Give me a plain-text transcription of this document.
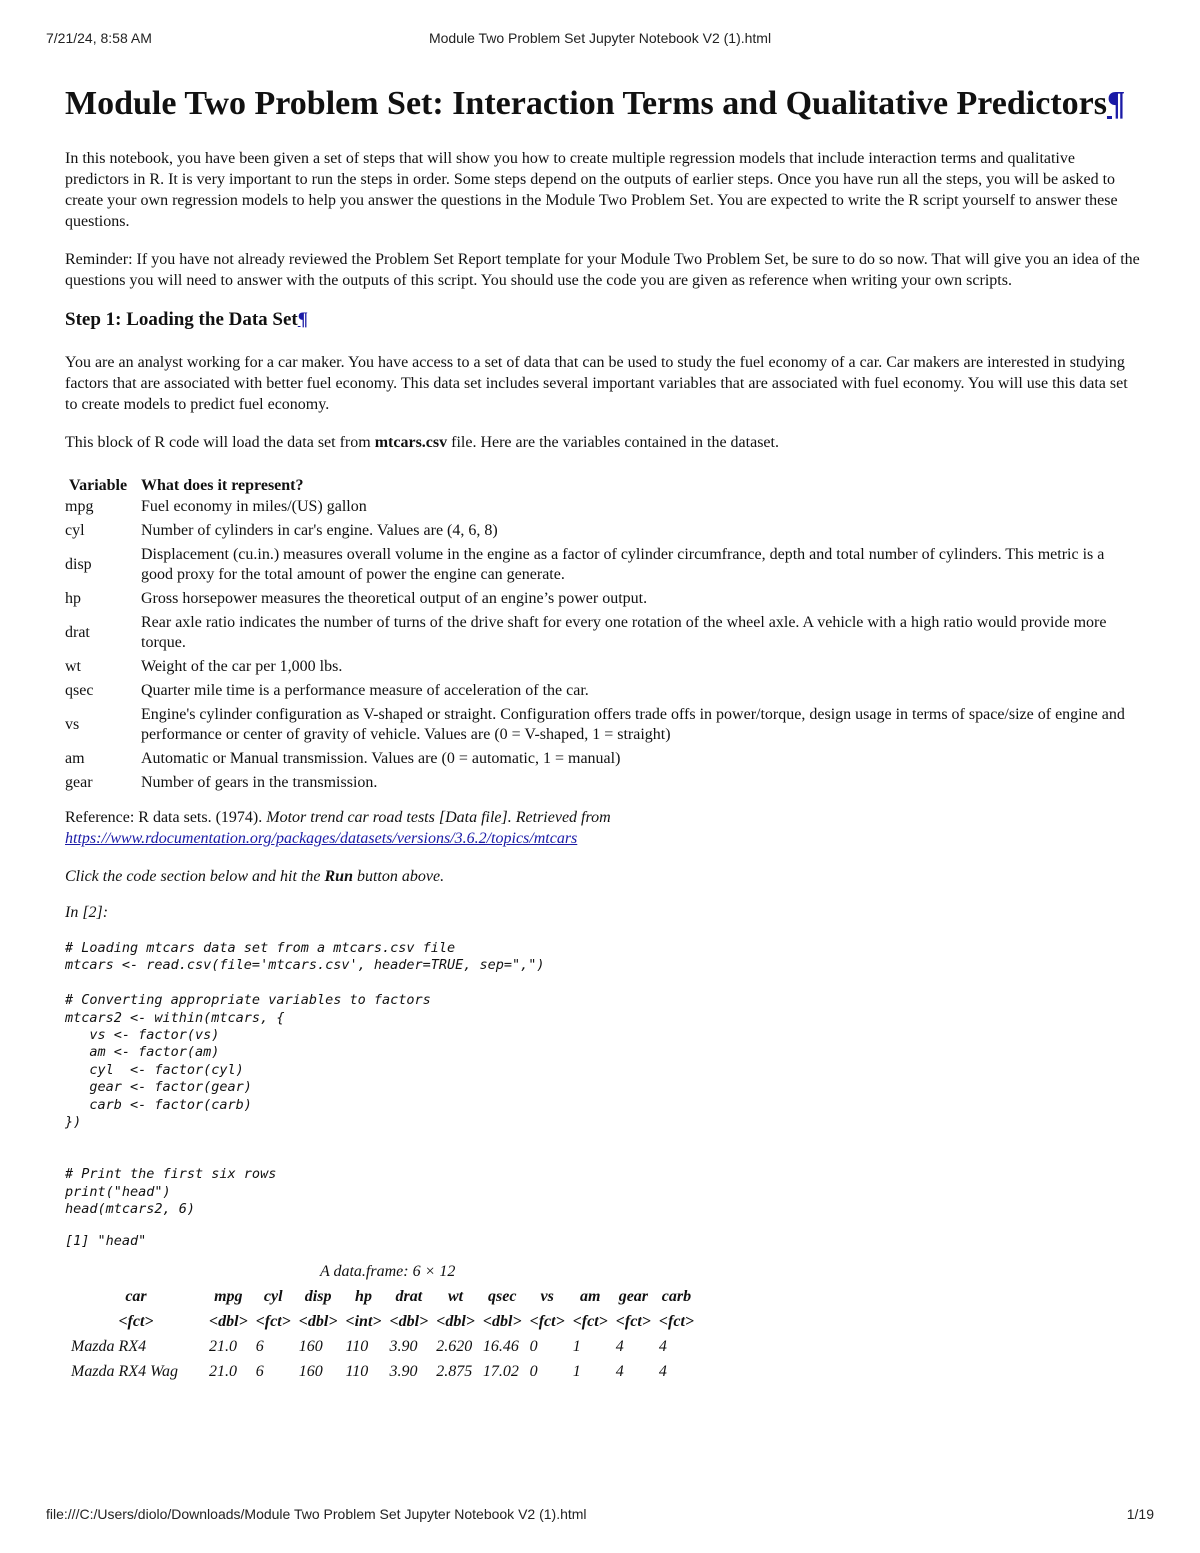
7/21/24, 8:58 AM	Module Two Problem Set Jupyter Notebook V2 (1).html
Module Two Problem Set: Interaction Terms and Qualitative Predictors¶

In this notebook, you have been given a set of steps that will show you how to create multiple regression models that include interaction terms and qualitative predictors in R. It is very important to run the steps in order. Some steps depend on the outputs of earlier steps. Once you have run all the steps, you will be asked to create your own regression models to help you answer the questions in the Module Two Problem Set. You are expected to write the R script yourself to answer these questions.

Reminder: If you have not already reviewed the Problem Set Report template for your Module Two Problem Set, be sure to do so now. That will give you an idea of the questions you will need to answer with the outputs of this script. You should use the code you are given as reference when writing your own scripts.

Step 1: Loading the Data Set¶

You are an analyst working for a car maker. You have access to a set of data that can be used to study the fuel economy of a car. Car makers are interested in studying factors that are associated with better fuel economy. This data set includes several important variables that are associated with fuel economy. You will use this data set to create models to predict fuel economy.

This block of R code will load the data set from mtcars.csv file. Here are the variables contained in the dataset.

Variable	What does it represent?
mpg	Fuel economy in miles/(US) gallon
cyl	Number of cylinders in car's engine. Values are (4, 6, 8)
disp	Displacement (cu.in.) measures overall volume in the engine as a factor of cylinder circumfrance, depth and total number of cylinders. This metric is a good proxy for the total amount of power the engine can generate.
hp	Gross horsepower measures the theoretical output of an engine’s power output.
drat	Rear axle ratio indicates the number of turns of the drive shaft for every one rotation of the wheel axle. A vehicle with a high ratio would provide more torque.
wt	Weight of the car per 1,000 lbs.
qsec	Quarter mile time is a performance measure of acceleration of the car.
vs	Engine's cylinder configuration as V-shaped or straight. Configuration offers trade offs in power/torque, design usage in terms of space/size of engine and performance or center of gravity of vehicle. Values are (0 = V-shaped, 1 = straight)
am	Automatic or Manual transmission. Values are (0 = automatic, 1 = manual)
gear	Number of gears in the transmission.

Reference: R data sets. (1974). Motor trend car road tests [Data file]. Retrieved from
https://www.rdocumentation.org/packages/datasets/versions/3.6.2/topics/mtcars

Click the code section below and hit the Run button above.

In [2]:
# Loading mtcars data set from a mtcars.csv file
mtcars <- read.csv(file='mtcars.csv', header=TRUE, sep=",")

# Converting appropriate variables to factors
mtcars2 <- within(mtcars, {
vs <- factor(vs)
am <- factor(am)
cyl  <- factor(cyl)
gear <- factor(gear)
carb <- factor(carb)
})

# Print the first six rows
print("head")
head(mtcars2, 6)
[1] "head"
A data.frame: 6 × 12
car	mpg	cyl	disp	hp	drat	wt	qsec	vs	am	gear	carb
<fct>	<dbl>	<fct>	<dbl>	<int>	<dbl>	<dbl>	<dbl>	<fct>	<fct>	<fct>	<fct>
Mazda RX4	21.0	6	160	110	3.90	2.620	16.46	0	1	4	4
Mazda RX4 Wag	21.0	6	160	110	3.90	2.875	17.02	0	1	4	4
file:///C:/Users/diolo/Downloads/Module Two Problem Set Jupyter Notebook V2 (1).html	1/19
